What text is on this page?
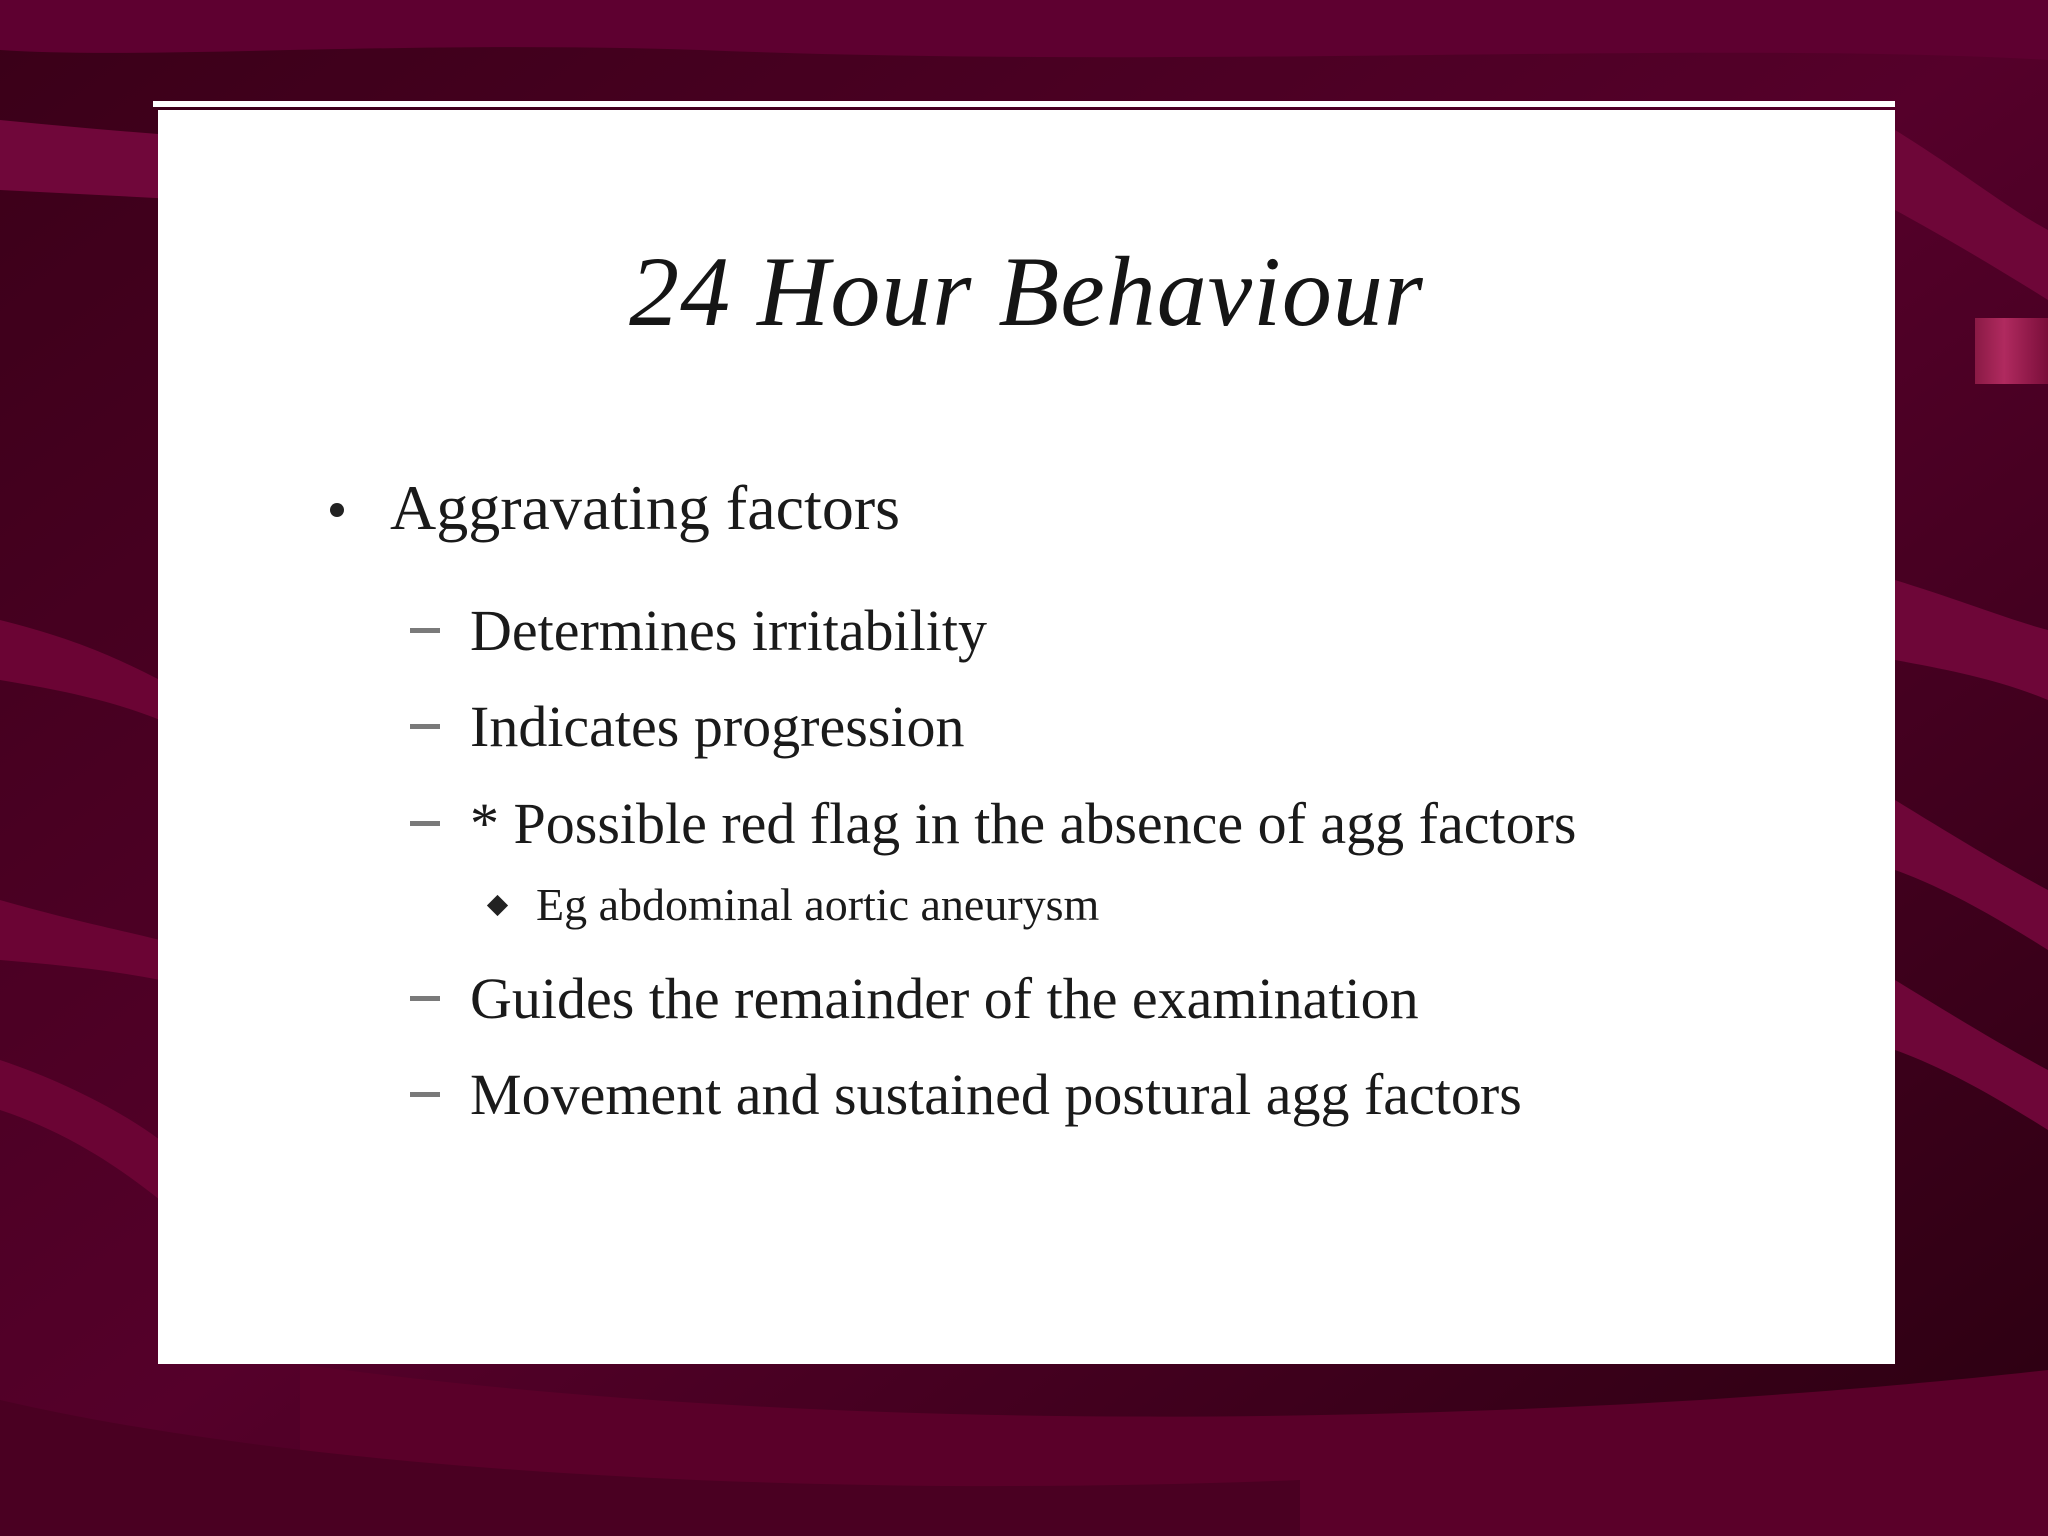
24 Hour Behaviour
Aggravating factors
Determines irritability
Indicates progression
* Possible red flag in the absence of agg factors
Eg abdominal aortic aneurysm
Guides the remainder of the examination
Movement and sustained postural agg factors
